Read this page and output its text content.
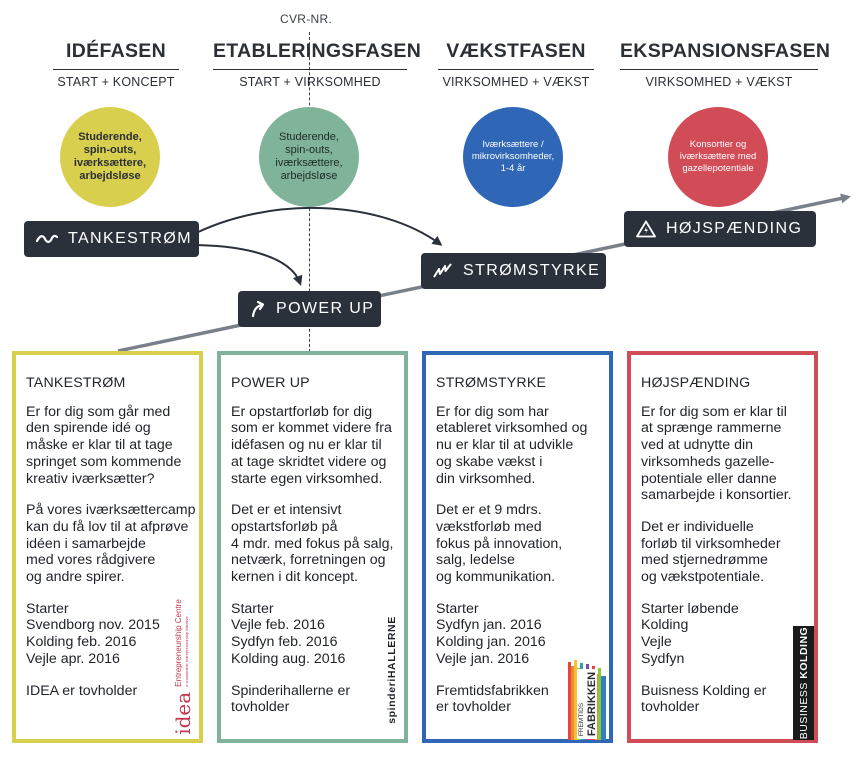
CVR-NR.
IDÉFASEN
START + KONCEPT
ETABLERINGSFASEN
START + VIRKSOMHED
VÆKSTFASEN
VIRKSOMHED + VÆKST
EKSPANSIONSFASEN
VIRKSOMHED + VÆKST
Studerende,
spin-outs,
iværksættere,
arbejdsløse
Studerende,
spin-outs,
iværksættere,
arbejdsløse
Iværksættere /
mikrovirksomheder,
1-4 år
Konsortier og
iværksættere med
gazellepotentiale
TANKESTRØM
POWER UP
STRØMSTYRKE
HØJSPÆNDING

TANKESTRØM

Er for dig som går med
den spirende idé og
måske er klar til at tage
springet som kommende
kreativ iværksætter?

På vores iværksættercamp
kan du få lov til at afprøve
idéen i samarbejde
med vores rådgivere
og andre spirer.

Starter
Svendborg nov. 2015
Kolding feb. 2016
Vejle apr. 2016

IDEA er tovholder

POWER UP

Er opstartforløb for dig
som er kommet videre fra
idéfasen og nu er klar til
at tage skridtet videre og
starte egen virksomhed.

Det er et intensivt
opstartsforløb på
4 mdr. med fokus på salg,
netværk, forretningen og
kernen i dit koncept.

Starter
Vejle feb. 2016
Sydfyn feb. 2016
Kolding aug. 2016

Spinderihallerne er
tovholder

STRØMSTYRKE

Er for dig som har
etableret virksomhed og
nu er klar til at udvikle
og skabe vækst i
din virksomhed.

Det er et 9 mdrs.
vækstforløb med
fokus på innovation,
salg, ledelse
og kommunikation.

Starter
Sydfyn jan. 2016
Kolding jan. 2016
Vejle jan. 2016

Fremtidsfabrikken
er tovholder

HØJSPÆNDING

Er for dig som er klar til
at sprænge rammerne
ved at udnytte din
virksomheds gazelle-
potentiale eller danne
samarbejde i konsortier.

Det er individuelle
forløb til virksomheder
med stjernedrømme
og vækstpotentiale.

Starter løbende
Kolding
Vejle
Sydfyn

Buisness Kolding er
tovholder

idea
Entrepreneurship Centre a sustainable entrepreneurship initiative	spinderiHALLERNE	FREMTIDS FABRIKKEN	BUSINESS KOLDING
